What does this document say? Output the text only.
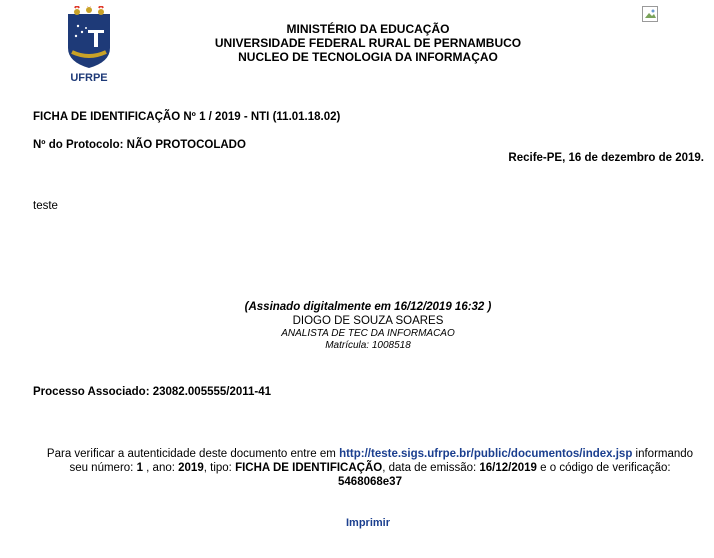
UFRPE
MINISTÉRIO DA EDUCAÇÃO
UNIVERSIDADE FEDERAL RURAL DE PERNAMBUCO
NUCLEO DE TECNOLOGIA DA INFORMAÇAO
FICHA DE IDENTIFICAÇÃO Nº 1 / 2019 - NTI (11.01.18.02)
Nº do Protocolo: NÃO PROTOCOLADO
Recife-PE, 16 de dezembro de 2019.
teste
(Assinado digitalmente em 16/12/2019 16:32 )
DIOGO DE SOUZA SOARES
ANALISTA DE TEC DA INFORMACAO
Matrícula: 1008518
Processo Associado: 23082.005555/2011-41
Para verificar a autenticidade deste documento entre em http://teste.sigs.ufrpe.br/public/documentos/index.jsp informando seu número: 1 , ano: 2019, tipo: FICHA DE IDENTIFICAÇÃO, data de emissão: 16/12/2019 e o código de verificação: 5468068e37
Imprimir
